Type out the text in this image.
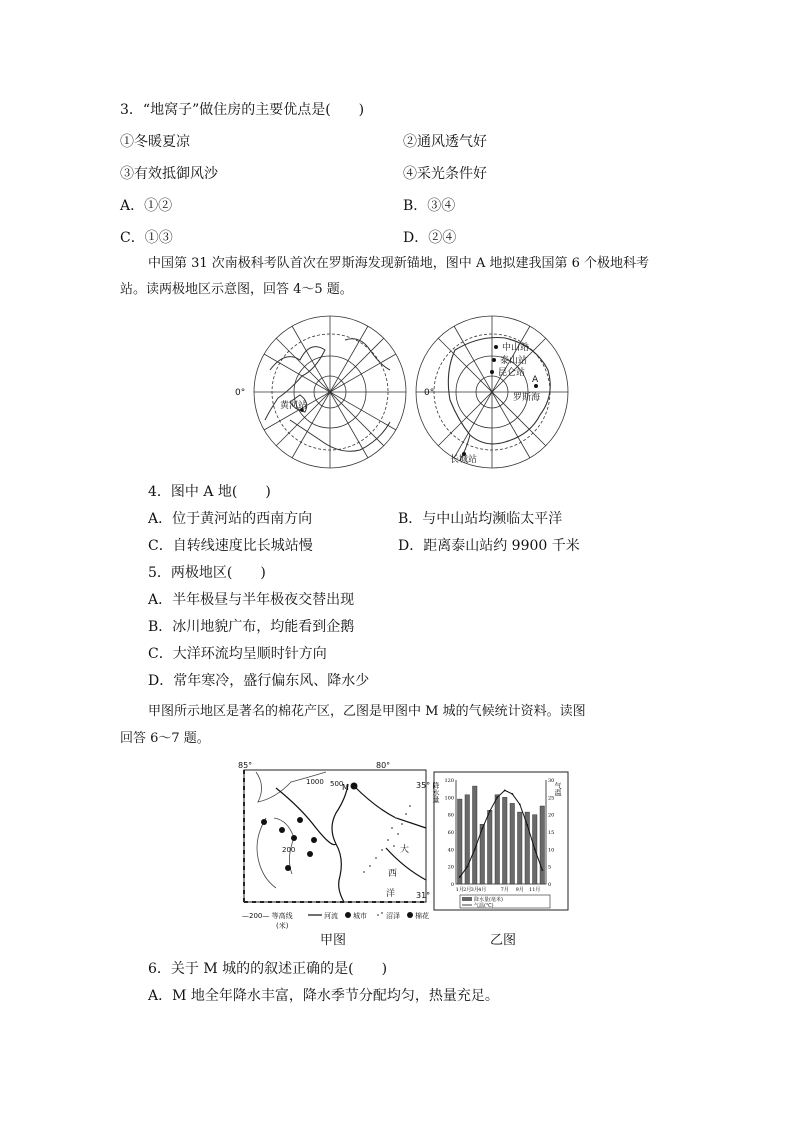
3．“地窝子”做住房的主要优点是(　　)
①冬暖夏凉	②通风透气好
③有效抵御风沙	④采光条件好
A．①②	B．③④
C．①③	D．②④
中国第 31 次南极科考队首次在罗斯海发现新锚地，图中 A 地拟建我国第 6 个极地科考
站。读两极地区示意图，回答 4～5 题。
0°
黄河站
0°
中山站
泰山站
昆仑站
A
罗斯海
长城站
4．图中 A 地(　　)
A．位于黄河站的西南方向	B．与中山站均濒临太平洋
C．自转线速度比长城站慢	D．距离泰山站约 9900 千米
5．两极地区(　　)
A．半年极昼与半年极夜交替出现
B．冰川地貌广布，均能看到企鹅
C．大洋环流均呈顺时针方向
D．常年寒冷，盛行偏东风、降水少
甲图所示地区是著名的棉花产区，乙图是甲图中 M 城的气候统计资料。读图
回答 6～7 题。
85°	80°
35°
31°
1000 500
200
M
大
西
洋
—200— 等高线
(米)
河流 城市	沼泽 棉花
甲图
降水量	气温
0
20
40
60
80
100
120
0
5
10
15
20
25
30
1月 2月 3月 4月	7月 9月 11月
降水量(毫米)
气温(℃)
乙图
6．关于 M 城的的叙述正确的是(　　)
A．M 地全年降水丰富，降水季节分配均匀，热量充足。
